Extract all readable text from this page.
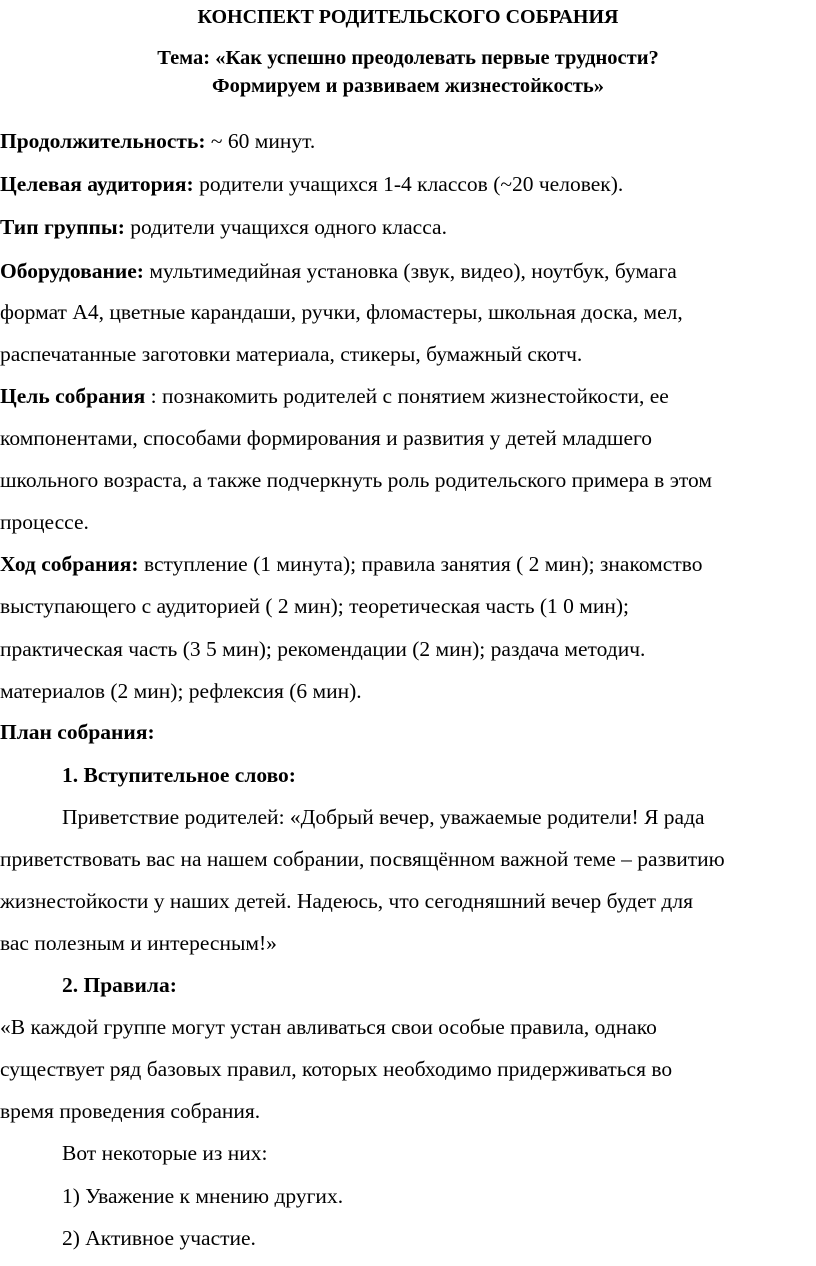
КОНСПЕКТ РОДИТЕЛЬСКОГО СОБРАНИЯ
Тема: «Как успешно преодолевать первые трудности?
Формируем и развиваем жизнестойкость»
Продолжительность: ~ 60 минут.
Целевая аудитория: родители учащихся 1-4 классов (~20 человек).
Тип группы: родители учащихся одного класса.
Оборудование: мультимедийная установка (звук, видео), ноутбук, бумага
формат А4, цветные карандаши, ручки, фломастеры, школьная доска, мел,
распечатанные заготовки материала, стикеры, бумажный скотч.
Цель собрания : познакомить родителей с понятием жизнестойкости, ее
компонентами, способами формирования и развития у детей младшего
школьного возраста, а также подчеркнуть роль родительского примера в этом
процессе.
Ход собрания: вступление (1 минута); правила занятия ( 2 мин); знакомство
выступающего с аудиторией ( 2 мин); теоретическая часть (1 0 мин);
практическая часть (3 5 мин); рекомендации (2 мин); раздача методич.
материалов (2 мин); рефлексия (6 мин).
План собрания:
1. Вступительное слово:
Приветствие родителей: «Добрый вечер, уважаемые родители! Я рада
приветствовать вас на нашем собрании, посвящённом важной теме – развитию
жизнестойкости у наших детей. Надеюсь, что сегодняшний вечер будет для
вас полезным и интересным!»
2. Правила:
«В каждой группе могут устан авливаться свои особые правила, однако
существует ряд базовых правил, которых необходимо придерживаться во
время проведения собрания.
Вот некоторые из них:
1) Уважение к мнению других.
2) Активное участие.
